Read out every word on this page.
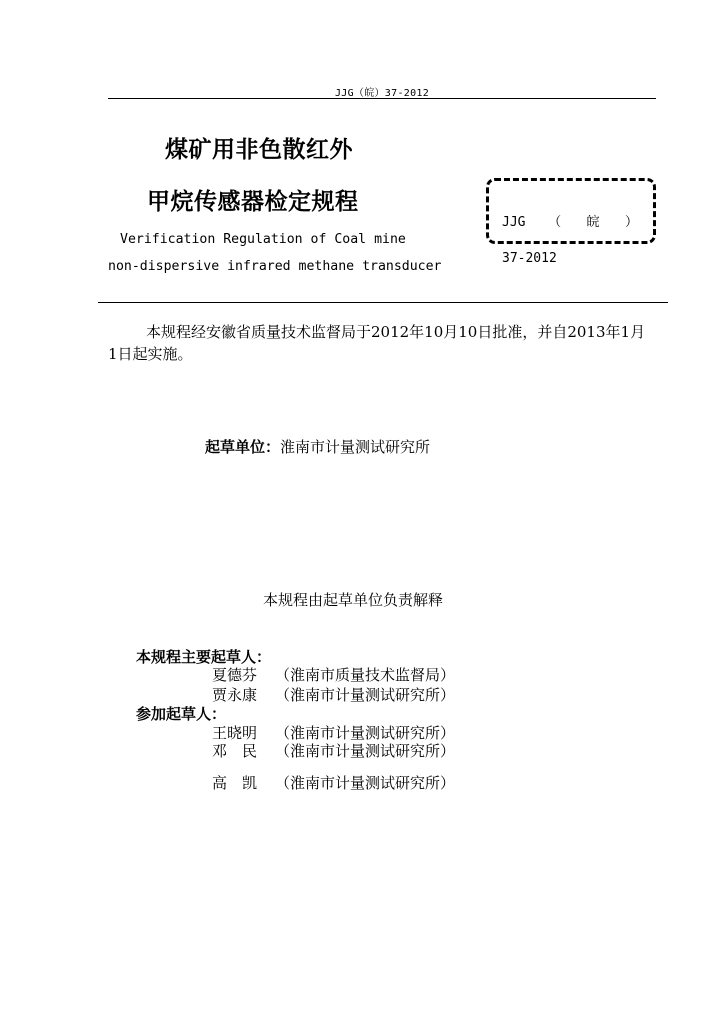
JJG（皖）37-2012
煤矿用非色散红外
甲烷传感器检定规程
Verification Regulation of Coal mine
non-dispersive infrared methane transducer
JJG （ 皖 ） 37-2012
本规程经安徽省质量技术监督局于2012年10月10日批准，并自2013年1月1日起实施。
起草单位：淮南市计量测试研究所
本规程由起草单位负责解释
本规程主要起草人：
夏德芬 （淮南市质量技术监督局）
贾永康 （淮南市计量测试研究所）
参加起草人：
王晓明 （淮南市计量测试研究所）
邓　民 （淮南市计量测试研究所）
高　凯 （淮南市计量测试研究所）
